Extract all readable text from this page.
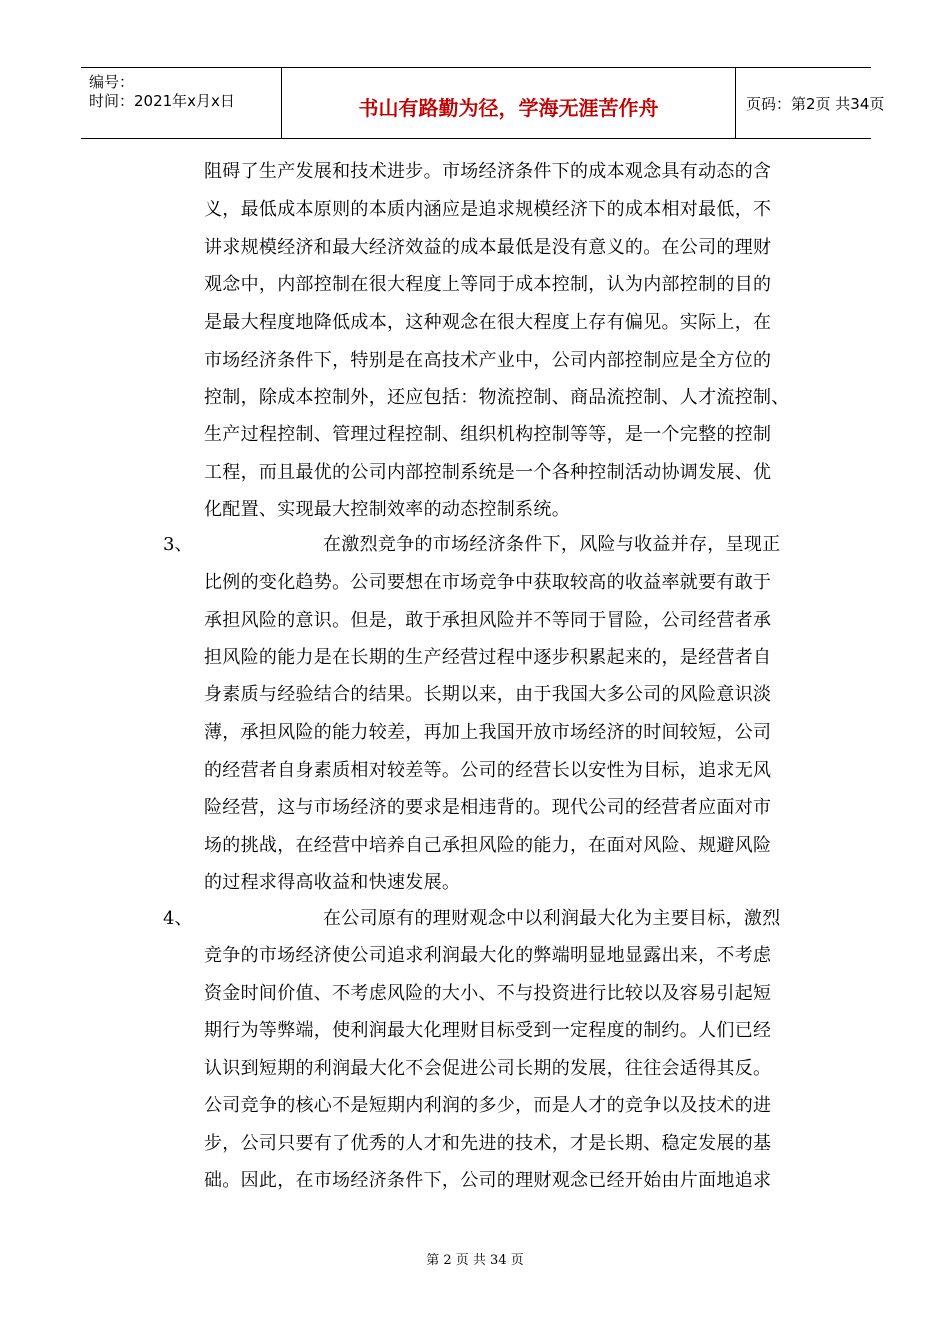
编号：
时间：2021年x月x日	书山有路勤为径，学海无涯苦作舟	页码：第2页 共34页
阻碍了生产发展和技术进步。市场经济条件下的成本观念具有动态的含
义，最低成本原则的本质内涵应是追求规模经济下的成本相对最低，不
讲求规模经济和最大经济效益的成本最低是没有意义的。在公司的理财
观念中，内部控制在很大程度上等同于成本控制，认为内部控制的目的
是最大程度地降低成本，这种观念在很大程度上存有偏见。实际上，在
市场经济条件下，特别是在高技术产业中，公司内部控制应是全方位的
控制，除成本控制外，还应包括：物流控制、商品流控制、人才流控制、
生产过程控制、管理过程控制、组织机构控制等等，是一个完整的控制
工程，而且最优的公司内部控制系统是一个各种控制活动协调发展、优
化配置、实现最大控制效率的动态控制系统。
3、	在激烈竞争的市场经济条件下，风险与收益并存，呈现正
比例的变化趋势。公司要想在市场竞争中获取较高的收益率就要有敢于
承担风险的意识。但是，敢于承担风险并不等同于冒险，公司经营者承
担风险的能力是在长期的生产经营过程中逐步积累起来的，是经营者自
身素质与经验结合的结果。长期以来，由于我国大多公司的风险意识淡
薄，承担风险的能力较差，再加上我国开放市场经济的时间较短，公司
的经营者自身素质相对较差等。公司的经营长以安性为目标，追求无风
险经营，这与市场经济的要求是相违背的。现代公司的经营者应面对市
场的挑战，在经营中培养自己承担风险的能力，在面对风险、规避风险
的过程求得高收益和快速发展。
4、	在公司原有的理财观念中以利润最大化为主要目标，激烈
竞争的市场经济使公司追求利润最大化的弊端明显地显露出来，不考虑
资金时间价值、不考虑风险的大小、不与投资进行比较以及容易引起短
期行为等弊端，使利润最大化理财目标受到一定程度的制约。人们已经
认识到短期的利润最大化不会促进公司长期的发展，往往会适得其反。
公司竞争的核心不是短期内利润的多少，而是人才的竞争以及技术的进
步，公司只要有了优秀的人才和先进的技术，才是长期、稳定发展的基
础。因此，在市场经济条件下，公司的理财观念已经开始由片面地追求
第 2 页 共 34 页
